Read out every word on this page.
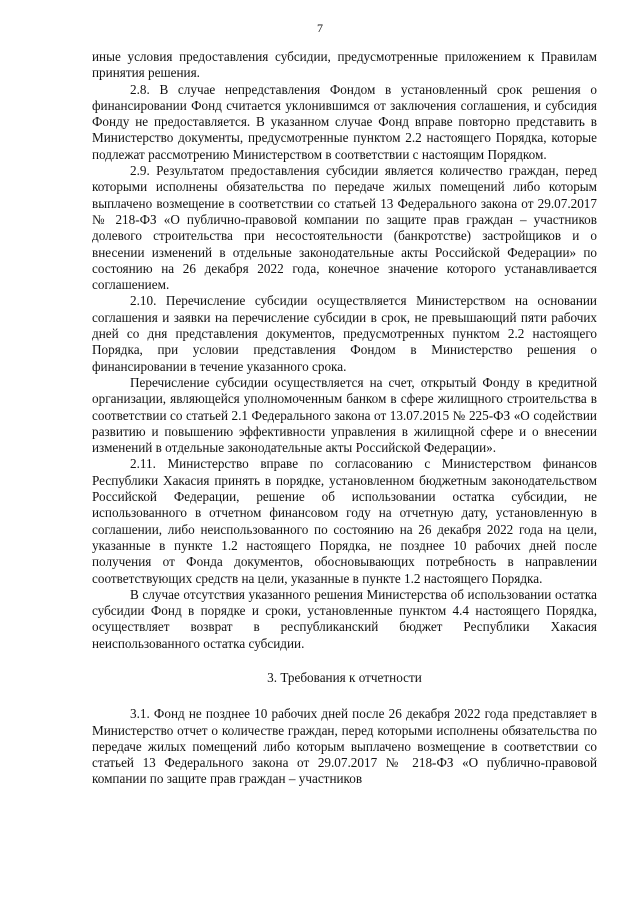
7

иные условия предоставления субсидии, предусмотренные приложением к Правилам принятия решения.

2.8. В случае непредставления Фондом в установленный срок решения о финансировании Фонд считается уклонившимся от заключения соглашения, и субсидия Фонду не предоставляется. В указанном случае Фонд вправе повторно представить в Министерство документы, предусмотренные пунктом 2.2 настоящего Порядка, которые подлежат рассмотрению Министерством в соответствии с настоящим Порядком.

2.9. Результатом предоставления субсидии является количество граждан, перед которыми исполнены обязательства по передаче жилых помещений либо которым выплачено возмещение в соответствии со статьей 13 Федерального закона от 29.07.2017 № 218-ФЗ «О публично-правовой компании по защите прав граждан – участников долевого строительства при несостоятельности (банкротстве) застройщиков и о внесении изменений в отдельные законодательные акты Российской Федерации» по состоянию на 26 декабря 2022 года, конечное значение которого устанавливается соглашением.

2.10. Перечисление субсидии осуществляется Министерством на основании соглашения и заявки на перечисление субсидии в срок, не превышающий пяти рабочих дней со дня представления документов, предусмотренных пунктом 2.2 настоящего Порядка, при условии представления Фондом в Министерство решения о финансировании в течение указанного срока.

Перечисление субсидии осуществляется на счет, открытый Фонду в кредитной организации, являющейся уполномоченным банком в сфере жилищного строительства в соответствии со статьей 2.1 Федерального закона от 13.07.2015 № 225-ФЗ «О содействии развитию и повышению эффективности управления в жилищной сфере и о внесении изменений в отдельные законодательные акты Российской Федерации».

2.11. Министерство вправе по согласованию с Министерством финансов Республики Хакасия принять в порядке, установленном бюджетным законодательством Российской Федерации, решение об использовании остатка субсидии, не использованного в отчетном финансовом году на отчетную дату, установленную в соглашении, либо неиспользованного по состоянию на 26 декабря 2022 года на цели, указанные в пункте 1.2 настоящего Порядка, не позднее 10 рабочих дней после получения от Фонда документов, обосновывающих потребность в направлении соответствующих средств на цели, указанные в пункте 1.2 настоящего Порядка.

В случае отсутствия указанного решения Министерства об использовании остатка субсидии Фонд в порядке и сроки, установленные пунктом 4.4 настоящего Порядка, осуществляет возврат в республиканский бюджет Республики Хакасия неиспользованного остатка субсидии.

3. Требования к отчетности

3.1. Фонд не позднее 10 рабочих дней после 26 декабря 2022 года представляет в Министерство отчет о количестве граждан, перед которыми исполнены обязательства по передаче жилых помещений либо которым выплачено возмещение в соответствии со статьей 13 Федерального закона от 29.07.2017 № 218-ФЗ «О публично-правовой компании по защите прав граждан – участников
